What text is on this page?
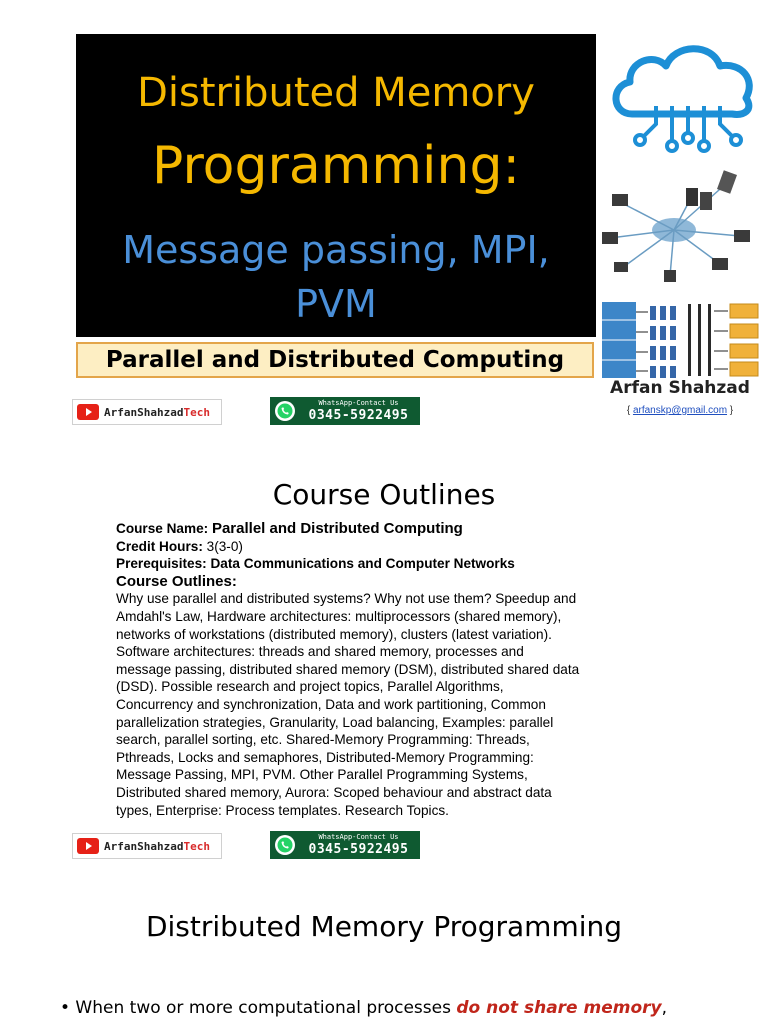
Distributed Memory
Programming:
Message passing, MPI,
PVM
Parallel and Distributed Computing
Arfan Shahzad
{ arfanskp@gmail.com }
ArfanShahzadTech
WhatsApp-Contact Us
0345-5922495
Course Outlines
Course Name: Parallel and Distributed Computing
Credit Hours: 3(3-0)
Prerequisites: Data Communications and Computer Networks
Course Outlines:
Why use parallel and distributed systems? Why not use them? Speedup and
Amdahl's Law, Hardware architectures: multiprocessors (shared memory),
networks of workstations (distributed memory), clusters (latest variation).
Software architectures: threads and shared memory, processes and
message passing, distributed shared memory (DSM), distributed shared data
(DSD). Possible research and project topics, Parallel Algorithms,
Concurrency and synchronization, Data and work partitioning, Common
parallelization strategies, Granularity, Load balancing, Examples: parallel
search, parallel sorting, etc. Shared-Memory Programming: Threads,
Pthreads, Locks and semaphores, Distributed-Memory Programming:
Message Passing, MPI, PVM. Other Parallel Programming Systems,
Distributed shared memory, Aurora: Scoped behaviour and abstract data
types, Enterprise: Process templates. Research Topics.
ArfanShahzadTech
WhatsApp-Contact Us
0345-5922495
Distributed Memory Programming
• When two or more computational processes do not share memory,
